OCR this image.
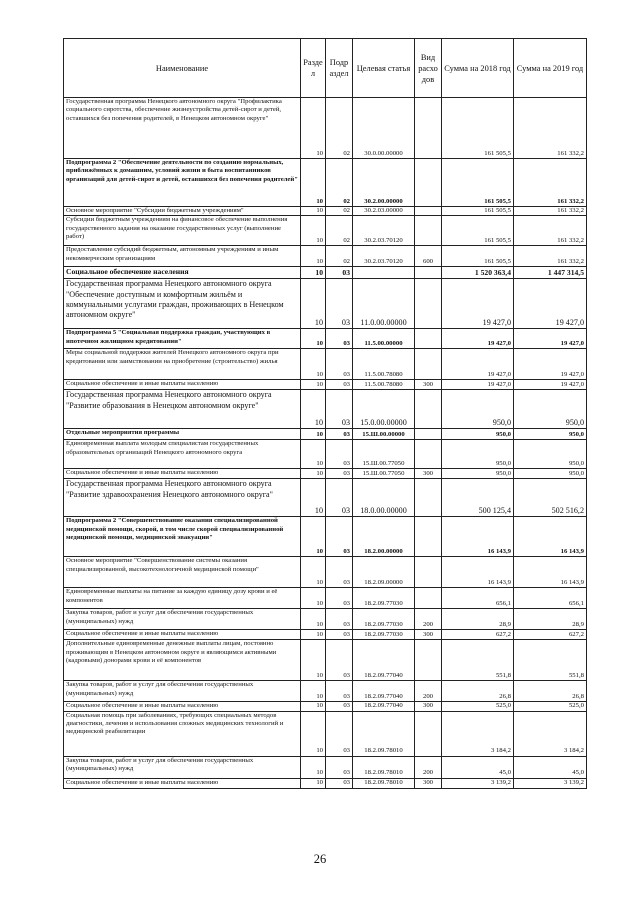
Наименование	Разде л	Подр аздел	Целевая статья	Вид расхо дов	Сумма на 2018 год	Сумма на 2019 год
Государственная программа Ненецкого автономного округа "Профилактика социального сиротства, обеспечение жизнеустройства детей-сирот и детей, оставшихся без попечения родителей, в Ненецком автономном округе"	10	02	30.0.00.00000		161 505,5	161 332,2
Подпрограмма 2 "Обеспечение деятельности по созданию нормальных, приближённых к домашним, условий жизни и быта воспитанников организаций для детей-сирот и детей, оставшихся без попечения родителей"	10	02	30.2.00.00000		161 505,5	161 332,2
Основное мероприятие "Субсидии бюджетным учреждениям"	10	02	30.2.03.00000		161 505,5	161 332,2
Субсидии бюджетным учреждениям на финансовое обеспечение выполнения государственного задания на оказание государственных услуг (выполнение работ)	10	02	30.2.03.70120		161 505,5	161 332,2
Предоставление субсидий бюджетным, автономным учреждениям и иным некоммерческим организациям	10	02	30.2.03.70120	600	161 505,5	161 332,2
Социальное обеспечение населения	10	03			1 520 363,4	1 447 314,5
Государственная программа Ненецкого автономного округа "Обеспечение доступным и комфортным жильём и коммунальными услугами граждан, проживающих в Ненецком автономном округе"	10	03	11.0.00.00000		19 427,0	19 427,0
Подпрограмма 5 "Социальная поддержка граждан, участвующих в ипотечном жилищном кредитовании"	10	03	11.5.00.00000		19 427,0	19 427,0
Меры социальной поддержки жителей Ненецкого автономного округа при кредитовании или заимствовании на приобретение (строительство) жилья	10	03	11.5.00.78080		19 427,0	19 427,0
Социальное обеспечение и иные выплаты населению	10	03	11.5.00.78080	300	19 427,0	19 427,0
Государственная программа Ненецкого автономного округа "Развитие образования в Ненецком автономном округе"	10	03	15.0.00.00000		950,0	950,0
Отдельные мероприятия программы	10	03	15.Ш.00.00000		950,0	950,0
Единовременная выплата молодым специалистам государственных образовательных организаций Ненецкого автономного округа	10	03	15.Ш.00.77050		950,0	950,0
Социальное обеспечение и иные выплаты населению	10	03	15.Ш.00.77050	300	950,0	950,0
Государственная программа Ненецкого автономного округа "Развитие здравоохранения Ненецкого автономного округа"	10	03	18.0.00.00000		500 125,4	502 516,2
Подпрограмма 2 "Совершенствование оказания специализированной медицинской помощи, скорой, в том числе скорой специализированной медицинской помощи, медицинской эвакуации"	10	03	18.2.00.00000		16 143,9	16 143,9
Основное мероприятие "Совершенствование системы оказания специализированной, высокотехнологичной медицинской помощи"	10	03	18.2.09.00000		16 143,9	16 143,9
Единовременные выплаты на питание за каждую единицу дозу крови и её компонентов	10	03	18.2.09.77030		656,1	656,1
Закупка товаров, работ и услуг для обеспечения государственных (муниципальных) нужд	10	03	18.2.09.77030	200	28,9	28,9
Социальное обеспечение и иные выплаты населению	10	03	18.2.09.77030	300	627,2	627,2
Дополнительные единовременные денежные выплаты лицам, постоянно проживающим в Ненецком автономном округе и являющимся активными (кадровыми) донорами крови и её компонентов	10	03	18.2.09.77040		551,8	551,8
Закупка товаров, работ и услуг для обеспечения государственных (муниципальных) нужд	10	03	18.2.09.77040	200	26,8	26,8
Социальное обеспечение и иные выплаты населению	10	03	18.2.09.77040	300	525,0	525,0
Социальная помощь при заболеваниях, требующих специальных методов диагностики, лечения и использования сложных медицинских технологий и медицинской реабилитации	10	03	18.2.09.78010		3 184,2	3 184,2
Закупка товаров, работ и услуг для обеспечения государственных (муниципальных) нужд	10	03	18.2.09.78010	200	45,0	45,0
Социальное обеспечение и иные выплаты населению	10	03	18.2.09.78010	300	3 139,2	3 139,2
26
